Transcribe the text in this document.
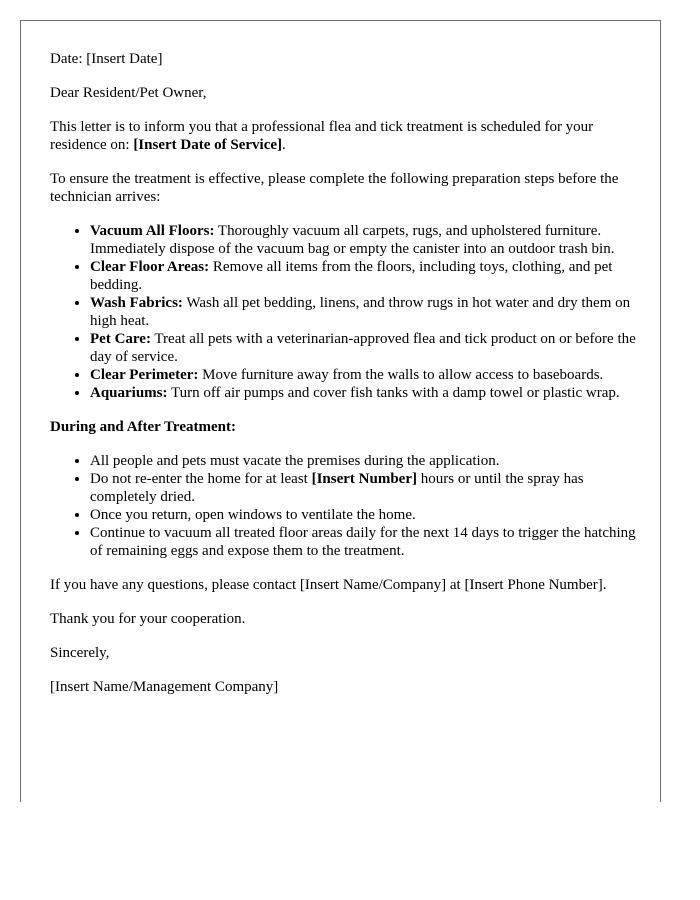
Date: [Insert Date]

Dear Resident/Pet Owner,

This letter is to inform you that a professional flea and tick treatment is scheduled for your residence on: [Insert Date of Service].

To ensure the treatment is effective, please complete the following preparation steps before the technician arrives:

• Vacuum All Floors: Thoroughly vacuum all carpets, rugs, and upholstered furniture. Immediately dispose of the vacuum bag or empty the canister into an outdoor trash bin.
• Clear Floor Areas: Remove all items from the floors, including toys, clothing, and pet bedding.
• Wash Fabrics: Wash all pet bedding, linens, and throw rugs in hot water and dry them on high heat.
• Pet Care: Treat all pets with a veterinarian-approved flea and tick product on or before the day of service.
• Clear Perimeter: Move furniture away from the walls to allow access to baseboards.
• Aquariums: Turn off air pumps and cover fish tanks with a damp towel or plastic wrap.

During and After Treatment:

• All people and pets must vacate the premises during the application.
• Do not re-enter the home for at least [Insert Number] hours or until the spray has completely dried.
• Once you return, open windows to ventilate the home.
• Continue to vacuum all treated floor areas daily for the next 14 days to trigger the hatching of remaining eggs and expose them to the treatment.

If you have any questions, please contact [Insert Name/Company] at [Insert Phone Number].

Thank you for your cooperation.

Sincerely,

[Insert Name/Management Company]
